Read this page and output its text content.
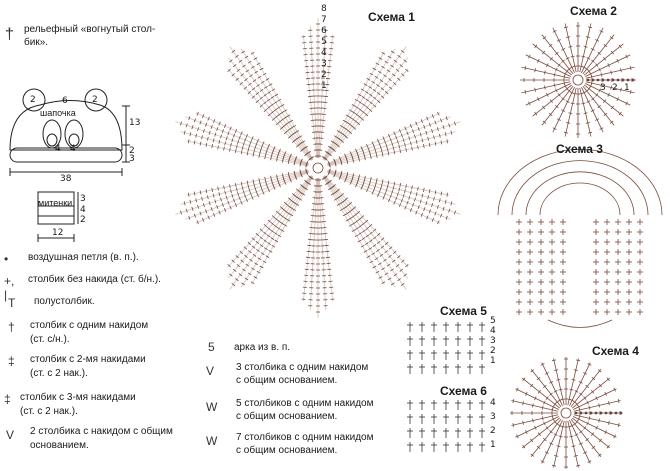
† рельефный «вогнутый стол-
бик».
2	6	2
4 4
шапочка
13
2
3
38
митенки 3
4
2
12
• воздушная петля (в. п.).
+, |
столбик без накида (ст. б/н.).
T полустолбик.
† столбик с одним накидом
(ст. с/н.).
‡ столбик с 2-мя накидами
(ст. с 2 нак.).
‡ столбик с 3-мя накидами
(ст. с 2 нак.).
V 2 столбика с накидом с общим
основанием.
5 арка из в. п.
V 3 столбика с одним накидом
с общим основанием.
W 5 столбиков с одним накидом
с общим основанием.
W 7 столбиков с одним накидом
с общим основанием.
Схема 1	Схема 2
Схема 3
Схема 4
Схема 5
Схема 6
8
7
6
5
4
3
2
1	3 2 1
5
4
3
2
1
4
3
2
1
